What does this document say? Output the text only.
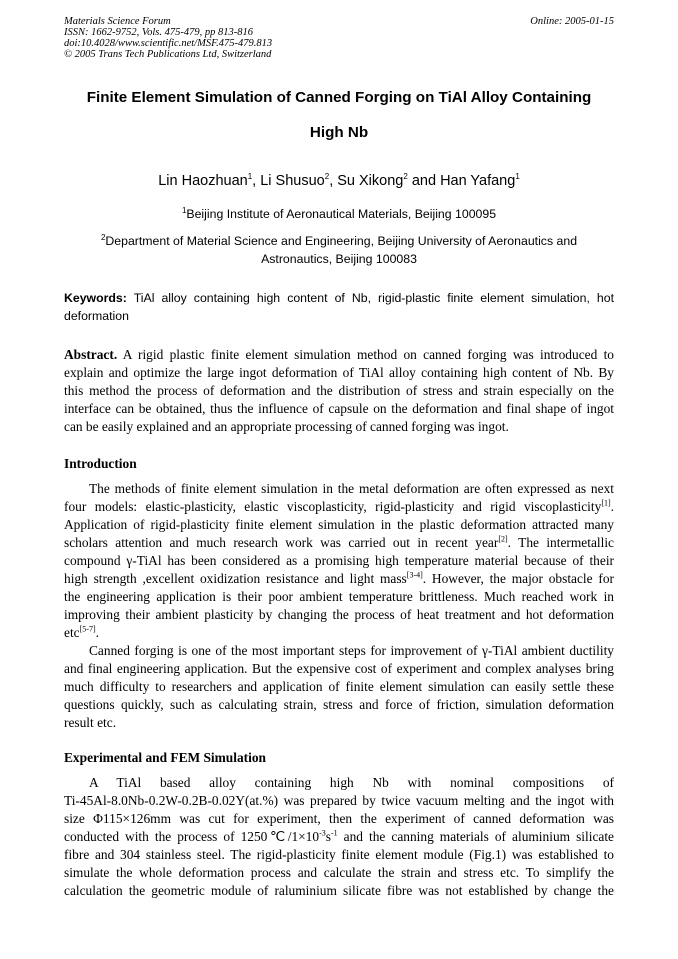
Materials Science Forum
ISSN: 1662-9752, Vols. 475-479, pp 813-816
doi:10.4028/www.scientific.net/MSF.475-479.813
© 2005 Trans Tech Publications Ltd, Switzerland
Online: 2005-01-15
Finite Element Simulation of Canned Forging on TiAl Alloy Containing
High Nb
Lin Haozhuan$^1$, Li Shusuo$^2$, Su Xikong$^2$ and Han Yafang$^1$
$^1$Beijing Institute of Aeronautical Materials, Beijing 100095
$^2$Department of Material Science and Engineering, Beijing University of Aeronautics and
Astronautics, Beijing 100083
Keywords: TiAl alloy containing high content of Nb, rigid-plastic finite element simulation, hot
deformation
Abstract. A rigid plastic finite element simulation method on canned forging was introduced to
explain and optimize the large ingot deformation of TiAl alloy containing high content of Nb. By
this method the process of deformation and the distribution of stress and strain especially on the
interface can be obtained, thus the influence of capsule on the deformation and final shape of ingot
can be easily explained and an appropriate processing of canned forging was ingot.
Introduction
The methods of finite element simulation in the metal deformation are often expressed as next
four models: elastic-plasticity, elastic viscoplasticity, rigid-plasticity and rigid viscoplasticity[1].
Application of rigid-plasticity finite element simulation in the plastic deformation attracted many
scholars attention and much research work was carried out in recent year[2]. The intermetallic
compound γ-TiAl has been considered as a promising high temperature material because of their
high strength ,excellent oxidization resistance and light mass[3-4]. However, the major obstacle for
the engineering application is their poor ambient temperature brittleness. Much reached work in
improving their ambient plasticity by changing the process of heat treatment and hot deformation
etc[5-7].
Canned forging is one of the most important steps for improvement of γ-TiAl ambient ductility
and final engineering application. But the expensive cost of experiment and complex analyses bring
much difficulty to researchers and application of finite element simulation can easily settle these
questions quickly, such as calculating strain, stress and force of friction, simulation deformation
result etc.
Experimental and FEM Simulation
A TiAl based alloy containing high Nb with nominal compositions of
Ti-45Al-8.0Nb-0.2W-0.2B-0.02Y(at.%) was prepared by twice vacuum melting and the ingot with
size Φ115×126mm was cut for experiment, then the experiment of canned deformation was
conducted with the process of $1250℃/1\times 10^{-3}s^{-1}$ and the canning materials of aluminium silicate
fibre and 304 stainless steel. The rigid-plasticity finite element module (Fig.1) was established to
simulate the whole deformation process and calculate the strain and stress etc. To simplify the
calculation the geometric module of raluminium silicate fibre was not established by change the
